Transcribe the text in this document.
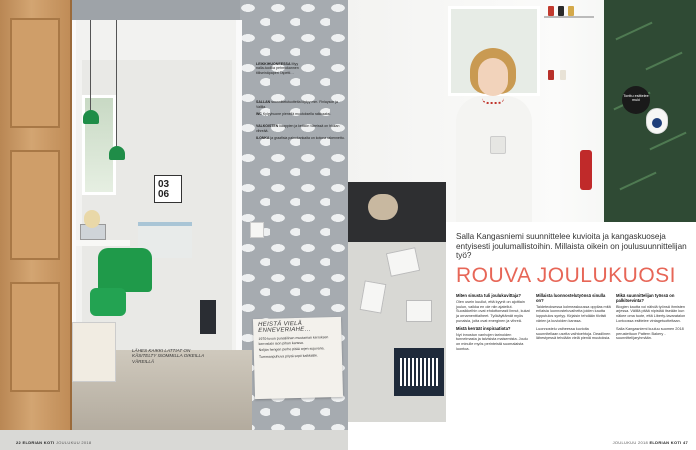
03 06
LEIKKIHUONEESSA Myy nalla-tuolilla pehmokannen tiiliseinäpaperi Tapetti…
SALLAN suunnittelutuotteita löytyy mm. Finlayson ja Vallila.
WC Kylpyhuone pienellä muutoksella raikkaaksi.
VALKOISTEN kaappien ja keittiön väreissä on hiukan vihreää.
ILONKA ja graafisia painokankaita on kotona rakennettu.
HEISTÄ VIELÄ ENNEVERIAHE…

1970-luvun punatiilinen muutaman kerroksen kerrostalo ison pihan kanssa.

Neljän hengen perhe pitää arjen sujuvana.

Tummanpuhuva pöytä sopii kaikkialle.

LÄHES KAIKKI LATTIAT ON KÄSITELTY ISOMMILLA OIKEILLA VÄREILLÄ
22 ELDRIAN KOTI JOULUKUU 2018
Tonttu esittelee muki
Salla Kangasniemi suunnittelee kuvioita ja kangaskuoseja entyisesti joulumallistoihin. Millaista oikein on joulusuunnittelijan työ?
ROUVA JOULUKUOSI
Miten sinusta tuli joulukuvittaja?

Olen usein kuullut, että kyynit on ajoittain joulun, vaikka en ole niin ajatellut. Suosikkeihin ovat ehdottomasti linnut, kukat ja ornamenttiaiheet. Työkäyttämät myös punaisia, joita ovat energinen ja vihreä.

Mistä kerräät inspiraatiota?

Nyt innostun vanhojen tarinoiden tunnelmasta ja talvisista maisemista. Joulu on minulle myös perinteistä suomalaista luontoa.

Millaista luonnostelutyönsä sinulla on?

Taideteoksessa kolmeaskuussa oppilas mitä erilaisia luonnosteluvaiheita joiden kautta lopputulos syntyy. Kirjaisin tehdään tiiviisti värien ja kuvioiden kanssa.

Luonnostelu vaiheessa kuvioita suunnitellaan useita vaihtoehtoja. Deadlinen lähestyessä tehdään vielä pieniä muutoksia.

Mikä suunnittelijan työssä on palkitsevinta?

Blogien kautta voi nähdä työnsä ihmisten arjessa. Välillä pitää nipistää itseään kun näkee oma tuote, että Liberty-tavaratalon Lontoossa esittelee vintagetuotteitaan.

Salla Kangasniemi kuuluu suomen 2018 perustettuun Pattern Bakery -suunnittelijaryhmään.

JOULUKUU 2018 ELDRIAN KOTI 47
